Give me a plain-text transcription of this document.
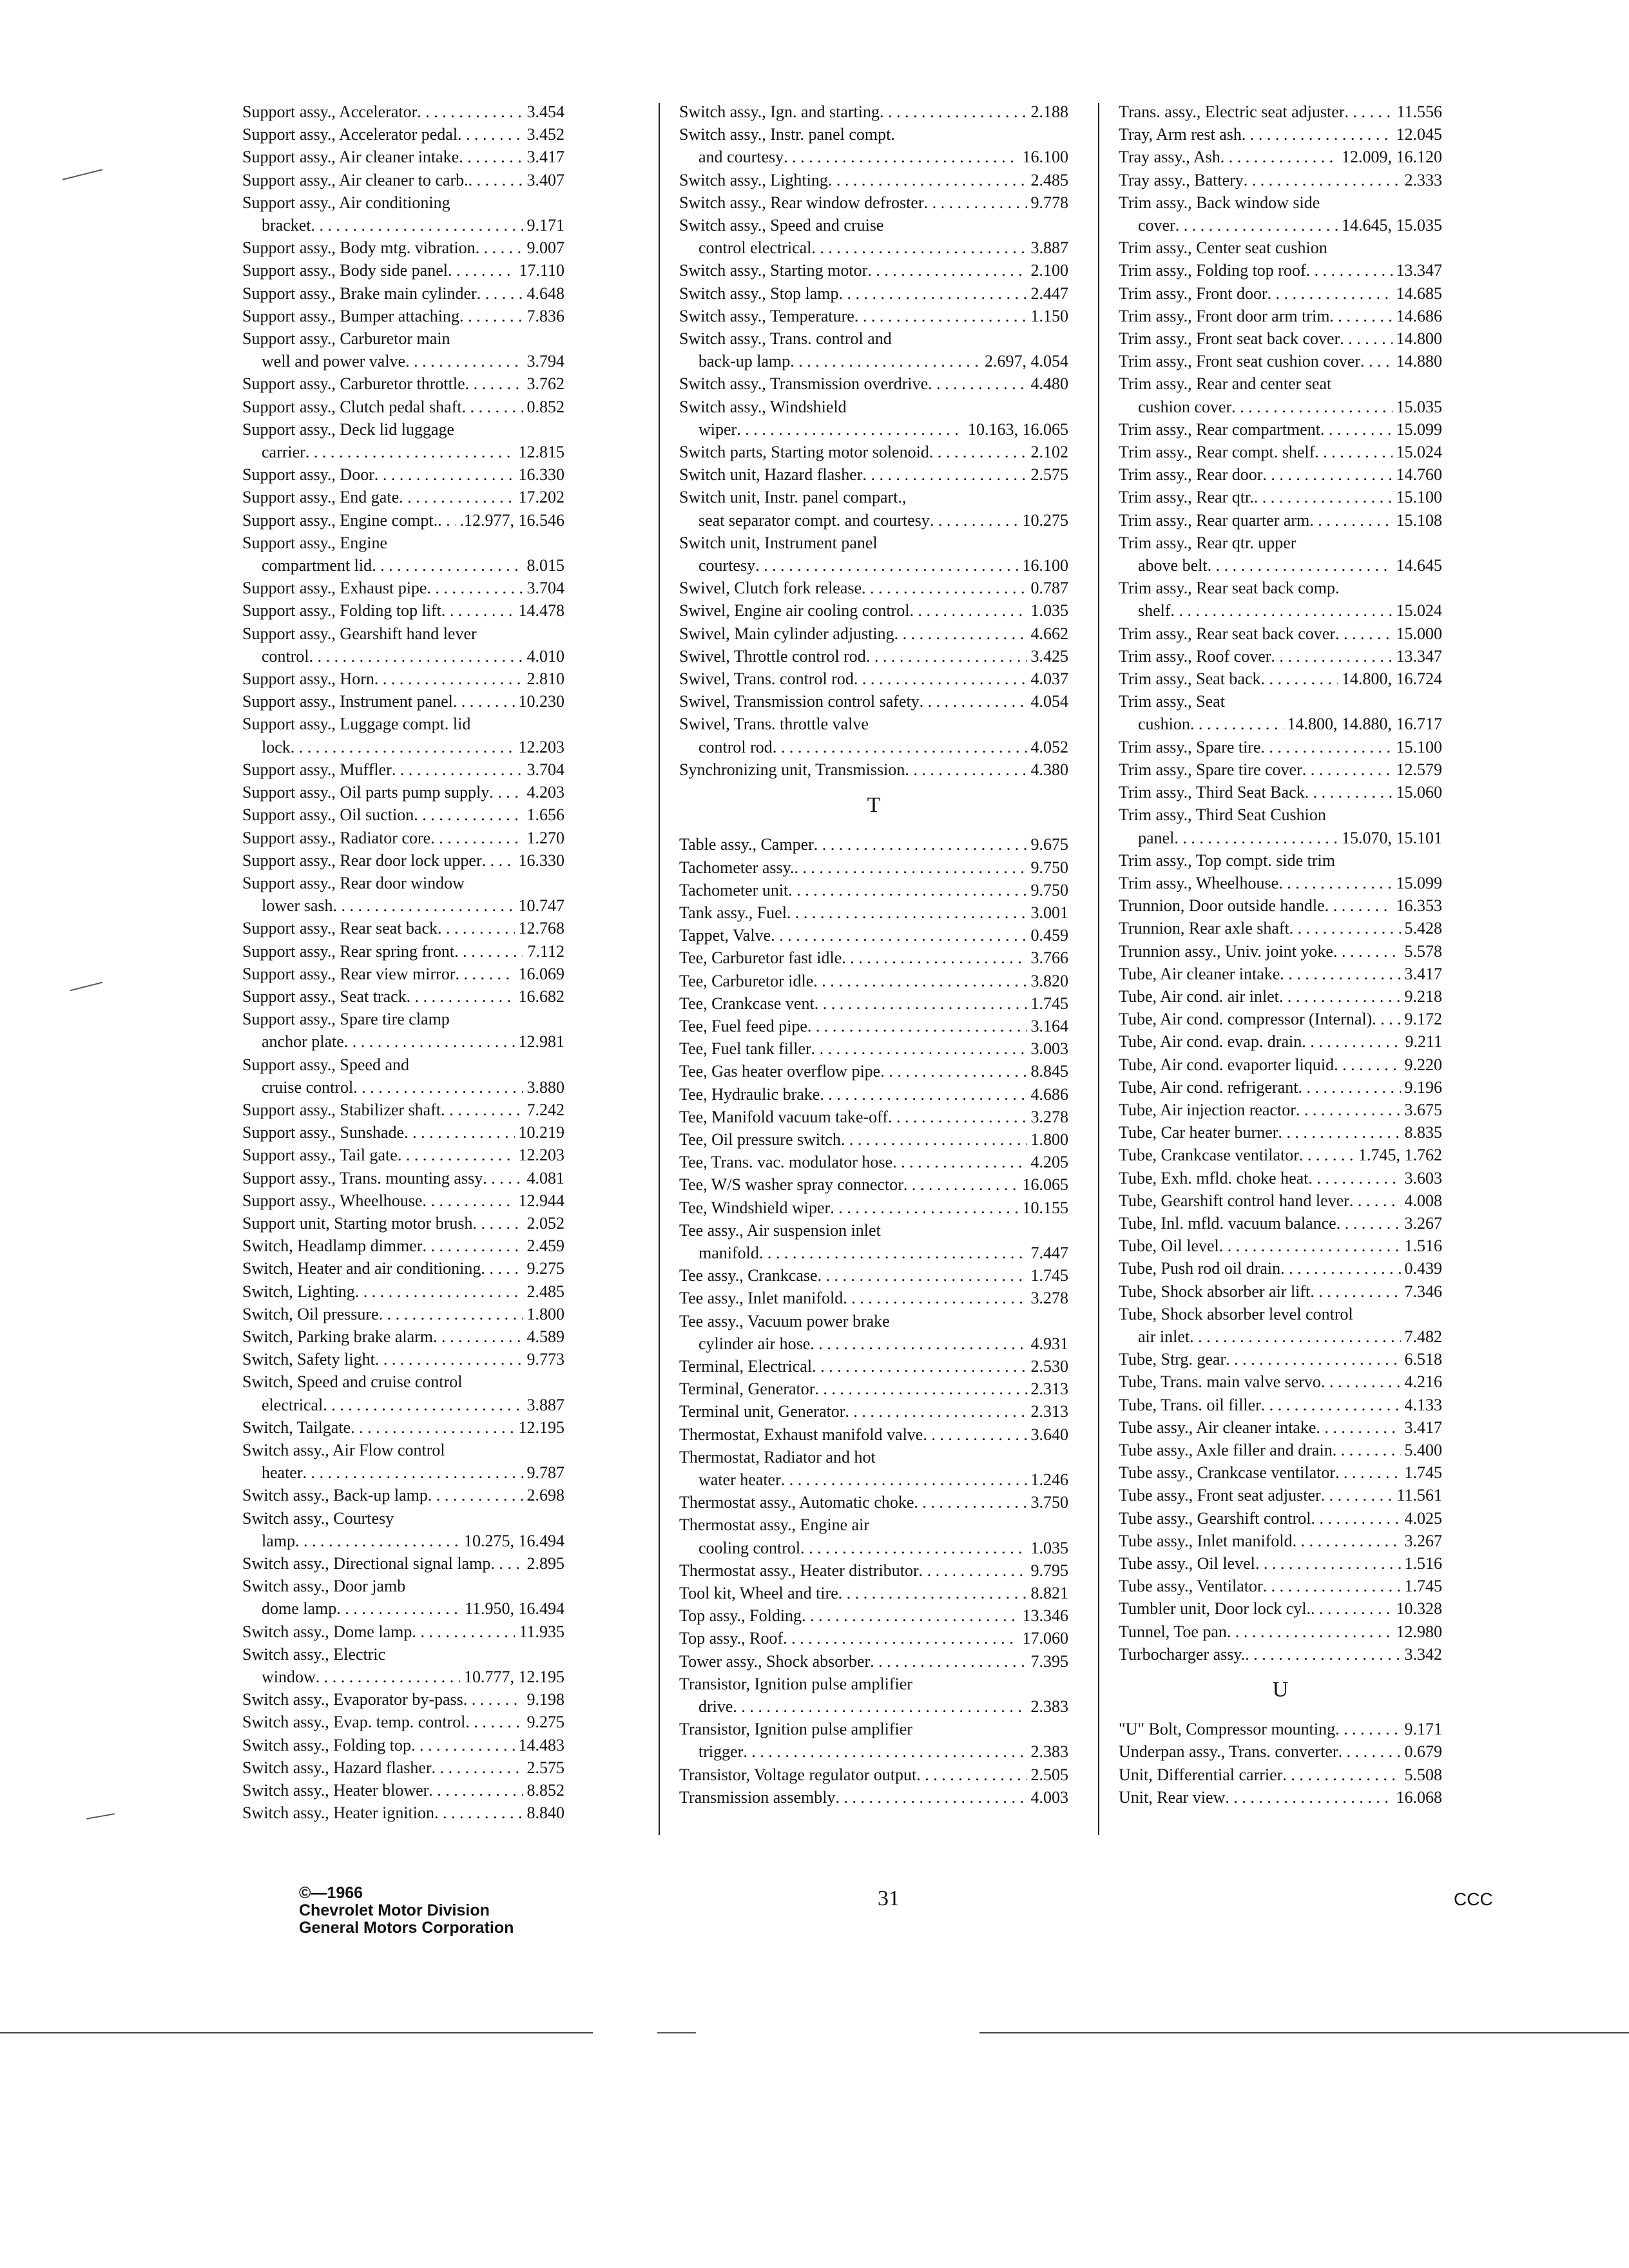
Support assy., Accelerator . . .	3.454
Support assy., Accelerator pedal . . .	3.452
Support assy., Air cleaner intake . . .	3.417
Support assy., Air cleaner to carb. . . .	3.407
Support assy., Air conditioning
bracket . . .	9.171
Support assy., Body mtg. vibration . . .	9.007
Support assy., Body side panel . . .	17.110
Support assy., Brake main cylinder . . .	4.648
Support assy., Bumper attaching . . .	7.836
Support assy., Carburetor main
well and power valve . . .	3.794
Support assy., Carburetor throttle . . .	3.762
Support assy., Clutch pedal shaft . . .	0.852
Support assy., Deck lid luggage
carrier . . .	12.815
Support assy., Door . . .	16.330
Support assy., End gate . . .	17.202
Support assy., Engine compt. . . . .12.977, 16.546
Support assy., Engine
compartment lid . . .	8.015
Support assy., Exhaust pipe . . .	3.704
Support assy., Folding top lift . . .	14.478
Support assy., Gearshift hand lever
control . . .	4.010
Support assy., Horn . . .	2.810
Support assy., Instrument panel . . .	10.230
Support assy., Luggage compt. lid
lock . . .	12.203
Support assy., Muffler . . .	3.704
Support assy., Oil parts pump supply . . . 4.203
Support assy., Oil suction . . .	1.656
Support assy., Radiator core . . .	1.270
Support assy., Rear door lock upper . . . 16.330
Support assy., Rear door window
lower sash . . .	10.747
Support assy., Rear seat back . . .	12.768
Support assy., Rear spring front . . .	7.112
Support assy., Rear view mirror . . .	16.069
Support assy., Seat track . . .	16.682
Support assy., Spare tire clamp
anchor plate . . .	12.981
Support assy., Speed and
cruise control . . .	3.880
Support assy., Stabilizer shaft . . .	7.242
Support assy., Sunshade . . .	10.219
Support assy., Tail gate . . .	12.203
Support assy., Trans. mounting assy . . .	4.081
Support assy., Wheelhouse . . .	12.944
Support unit, Starting motor brush . . .	2.052
Switch, Headlamp dimmer . . .	2.459
Switch, Heater and air conditioning . . .	9.275
Switch, Lighting . . .	2.485
Switch, Oil pressure . . .	1.800
Switch, Parking brake alarm . . .	4.589
Switch, Safety light . . .	9.773
Switch, Speed and cruise control
electrical . . .	3.887
Switch, Tailgate . . .	12.195
Switch assy., Air Flow control
heater . . .	9.787
Switch assy., Back-up lamp . . .	2.698
Switch assy., Courtesy
lamp . . .	10.275, 16.494
Switch assy., Directional signal lamp . . . 2.895
Switch assy., Door jamb
dome lamp . . .	11.950, 16.494
Switch assy., Dome lamp . . .	11.935
Switch assy., Electric
window . . .	10.777, 12.195
Switch assy., Evaporator by-pass . . .	9.198
Switch assy., Evap. temp. control . . .	9.275
Switch assy., Folding top . . .	14.483
Switch assy., Hazard flasher . . .	2.575
Switch assy., Heater blower . . .	8.852
Switch assy., Heater ignition . . .	8.840
Switch assy., Ign. and starting . . .	2.188
Switch assy., Instr. panel compt.
and courtesy . . .	16.100
Switch assy., Lighting . . .	2.485
Switch assy., Rear window defroster . . .	9.778
Switch assy., Speed and cruise
control electrical . . .	3.887
Switch assy., Starting motor . . .	2.100
Switch assy., Stop lamp . . .	2.447
Switch assy., Temperature . . .	1.150
Switch assy., Trans. control and
back-up lamp . . .	2.697, 4.054
Switch assy., Transmission overdrive . . .	4.480
Switch assy., Windshield
wiper . . .	10.163, 16.065
Switch parts, Starting motor solenoid . . .	2.102
Switch unit, Hazard flasher . . .	2.575
Switch unit, Instr. panel compart.,
seat separator compt. and courtesy . . .	10.275
Switch unit, Instrument panel
courtesy . . .	16.100
Swivel, Clutch fork release . . .	0.787
Swivel, Engine air cooling control . . .	1.035
Swivel, Main cylinder adjusting . . .	4.662
Swivel, Throttle control rod . . .	3.425
Swivel, Trans. control rod . . .	4.037
Swivel, Transmission control safety . . .	4.054
Swivel, Trans. throttle valve
control rod . . .	4.052
Synchronizing unit, Transmission . . .	4.380
T
Table assy., Camper . . .	9.675
Tachometer assy. . . .	9.750
Tachometer unit . . .	9.750
Tank assy., Fuel . . .	3.001
Tappet, Valve . . .	0.459
Tee, Carburetor fast idle . . .	3.766
Tee, Carburetor idle . . .	3.820
Tee, Crankcase vent . . .	1.745
Tee, Fuel feed pipe . . .	3.164
Tee, Fuel tank filler . . .	3.003
Tee, Gas heater overflow pipe . . .	8.845
Tee, Hydraulic brake . . .	4.686
Tee, Manifold vacuum take-off . . .	3.278
Tee, Oil pressure switch . . .	1.800
Tee, Trans. vac. modulator hose . . .	4.205
Tee, W/S washer spray connector . . .	16.065
Tee, Windshield wiper . . .	10.155
Tee assy., Air suspension inlet
manifold . . .	7.447
Tee assy., Crankcase . . .	1.745
Tee assy., Inlet manifold . . .	3.278
Tee assy., Vacuum power brake
cylinder air hose . . .	4.931
Terminal, Electrical . . .	2.530
Terminal, Generator . . .	2.313
Terminal unit, Generator . . .	2.313
Thermostat, Exhaust manifold valve . . .	3.640
Thermostat, Radiator and hot
water heater . . .	1.246
Thermostat assy., Automatic choke . . .	3.750
Thermostat assy., Engine air
cooling control . . .	1.035
Thermostat assy., Heater distributor . . .	9.795
Tool kit, Wheel and tire . . .	8.821
Top assy., Folding . . .	13.346
Top assy., Roof . . .	17.060
Tower assy., Shock absorber . . .	7.395
Transistor, Ignition pulse amplifier
drive . . .	2.383
Transistor, Ignition pulse amplifier
trigger . . .	2.383
Transistor, Voltage regulator output . . .	2.505
Transmission assembly . . .	4.003
Trans. assy., Electric seat adjuster . . .	11.556
Tray, Arm rest ash . . .	12.045
Tray assy., Ash . . .	12.009, 16.120
Tray assy., Battery . . .	2.333
Trim assy., Back window side
cover . . .	14.645, 15.035
Trim assy., Center seat cushion
Trim assy., Folding top roof . . .	13.347
Trim assy., Front door . . .	14.685
Trim assy., Front door arm trim . . .	14.686
Trim assy., Front seat back cover . . .	14.800
Trim assy., Front seat cushion cover . . . 14.880
Trim assy., Rear and center seat
cushion cover . . .	15.035
Trim assy., Rear compartment . . .	15.099
Trim assy., Rear compt. shelf . . .	15.024
Trim assy., Rear door . . .	14.760
Trim assy., Rear qtr. . . .	15.100
Trim assy., Rear quarter arm . . .	15.108
Trim assy., Rear qtr. upper
above belt . . .	14.645
Trim assy., Rear seat back comp.
shelf . . .	15.024
Trim assy., Rear seat back cover . . .	15.000
Trim assy., Roof cover . . .	13.347
Trim assy., Seat back . . .	14.800, 16.724
Trim assy., Seat
cushion . . .	14.800, 14.880, 16.717
Trim assy., Spare tire . . .	15.100
Trim assy., Spare tire cover . . .	12.579
Trim assy., Third Seat Back . . .	15.060
Trim assy., Third Seat Cushion
panel . . .	15.070, 15.101
Trim assy., Top compt. side trim
Trim assy., Wheelhouse . . .	15.099
Trunnion, Door outside handle . . .	16.353
Trunnion, Rear axle shaft . . .	5.428
Trunnion assy., Univ. joint yoke . . .	5.578
Tube, Air cleaner intake . . .	3.417
Tube, Air cond. air inlet . . .	9.218
Tube, Air cond. compressor (Internal) . . . 9.172
Tube, Air cond. evap. drain . . .	9.211
Tube, Air cond. evaporter liquid . . .	9.220
Tube, Air cond. refrigerant . . .	9.196
Tube, Air injection reactor . . .	3.675
Tube, Car heater burner . . .	8.835
Tube, Crankcase ventilator . . .	1.745, 1.762
Tube, Exh. mfld. choke heat . . .	3.603
Tube, Gearshift control hand lever . . .	4.008
Tube, Inl. mfld. vacuum balance . . .	3.267
Tube, Oil level . . .	1.516
Tube, Push rod oil drain . . .	0.439
Tube, Shock absorber air lift . . .	7.346
Tube, Shock absorber level control
air inlet . . .	7.482
Tube, Strg. gear . . .	6.518
Tube, Trans. main valve servo . . .	4.216
Tube, Trans. oil filler . . .	4.133
Tube assy., Air cleaner intake . . .	3.417
Tube assy., Axle filler and drain . . .	5.400
Tube assy., Crankcase ventilator . . .	1.745
Tube assy., Front seat adjuster . . .	11.561
Tube assy., Gearshift control . . .	4.025
Tube assy., Inlet manifold . . .	3.267
Tube assy., Oil level . . .	1.516
Tube assy., Ventilator . . .	1.745
Tumbler unit, Door lock cyl. . . .	10.328
Tunnel, Toe pan . . .	12.980
Turbocharger assy. . . .	3.342
U
"U" Bolt, Compressor mounting . . .	9.171
Underpan assy., Trans. converter . . .	0.679
Unit, Differential carrier . . .	5.508
Unit, Rear view . . .	16.068
©—1966
Chevrolet Motor Division
General Motors Corporation
31	CCC
